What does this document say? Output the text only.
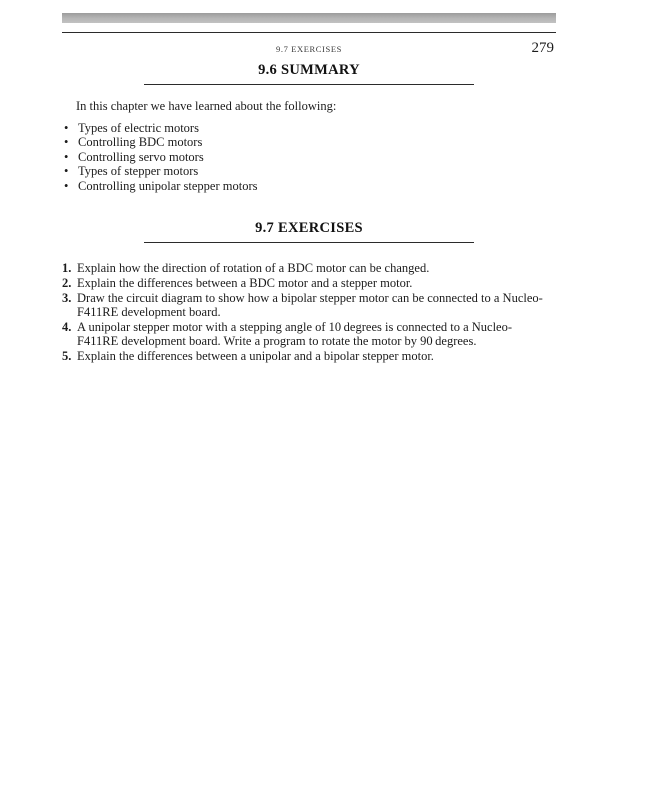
9.7 EXERCISES	279
9.6 SUMMARY

In this chapter we have learned about the following:

• Types of electric motors
• Controlling BDC motors
• Controlling servo motors
• Types of stepper motors
• Controlling unipolar stepper motors
9.7 EXERCISES
1. Explain how the direction of rotation of a BDC motor can be changed.
2. Explain the differences between a BDC motor and a stepper motor.
3. Draw the circuit diagram to show how a bipolar stepper motor can be connected to a Nucleo-F411RE development board.
4. A unipolar stepper motor with a stepping angle of 10 degrees is connected to a Nucleo-F411RE development board. Write a program to rotate the motor by 90 degrees.
5. Explain the differences between a unipolar and a bipolar stepper motor.
